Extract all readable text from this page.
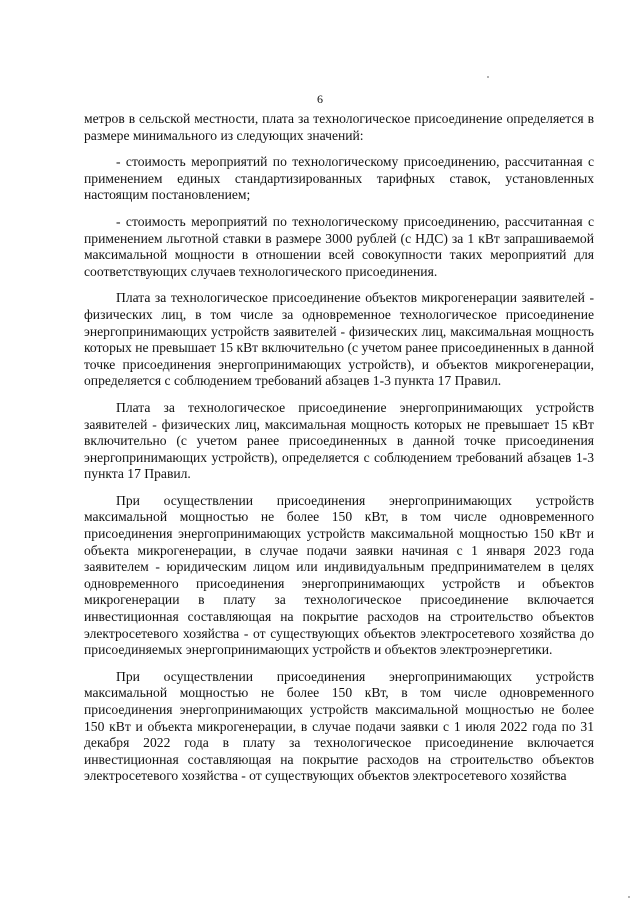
6

метров в сельской местности, плата за технологическое присоединение определяется в размере минимального из следующих значений:

- стоимость мероприятий по технологическому присоединению, рассчитанная с применением единых стандартизированных тарифных ставок, установленных настоящим постановлением;

- стоимость мероприятий по технологическому присоединению, рассчитанная с применением льготной ставки в размере 3000 рублей (с НДС) за 1 кВт запрашиваемой максимальной мощности в отношении всей совокупности таких мероприятий для соответствующих случаев технологического присоединения.

Плата за технологическое присоединение объектов микрогенерации заявителей - физических лиц, в том числе за одновременное технологическое присоединение энергопринимающих устройств заявителей - физических лиц, максимальная мощность которых не превышает 15 кВт включительно (с учетом ранее присоединенных в данной точке присоединения энергопринимающих устройств), и объектов микрогенерации, определяется с соблюдением требований абзацев 1-3 пункта 17 Правил.

Плата за технологическое присоединение энергопринимающих устройств заявителей - физических лиц, максимальная мощность которых не превышает 15 кВт включительно (с учетом ранее присоединенных в данной точке присоединения энергопринимающих устройств), определяется с соблюдением требований абзацев 1-3 пункта 17 Правил.

При осуществлении присоединения энергопринимающих устройств максимальной мощностью не более 150 кВт, в том числе одновременного присоединения энергопринимающих устройств максимальной мощностью 150 кВт и объекта микрогенерации, в случае подачи заявки начиная с 1 января 2023 года заявителем - юридическим лицом или индивидуальным предпринимателем в целях одновременного присоединения энергопринимающих устройств и объектов микрогенерации в плату за технологическое присоединение включается инвестиционная составляющая на покрытие расходов на строительство объектов электросетевого хозяйства - от существующих объектов электросетевого хозяйства до присоединяемых энергопринимающих устройств и объектов электроэнергетики.

При осуществлении присоединения энергопринимающих устройств максимальной мощностью не более 150 кВт, в том числе одновременного присоединения энергопринимающих устройств максимальной мощностью не более 150 кВт и объекта микрогенерации, в случае подачи заявки с 1 июля 2022 года по 31 декабря 2022 года в плату за технологическое присоединение включается инвестиционная составляющая на покрытие расходов на строительство объектов электросетевого хозяйства - от существующих объектов электросетевого хозяйства
